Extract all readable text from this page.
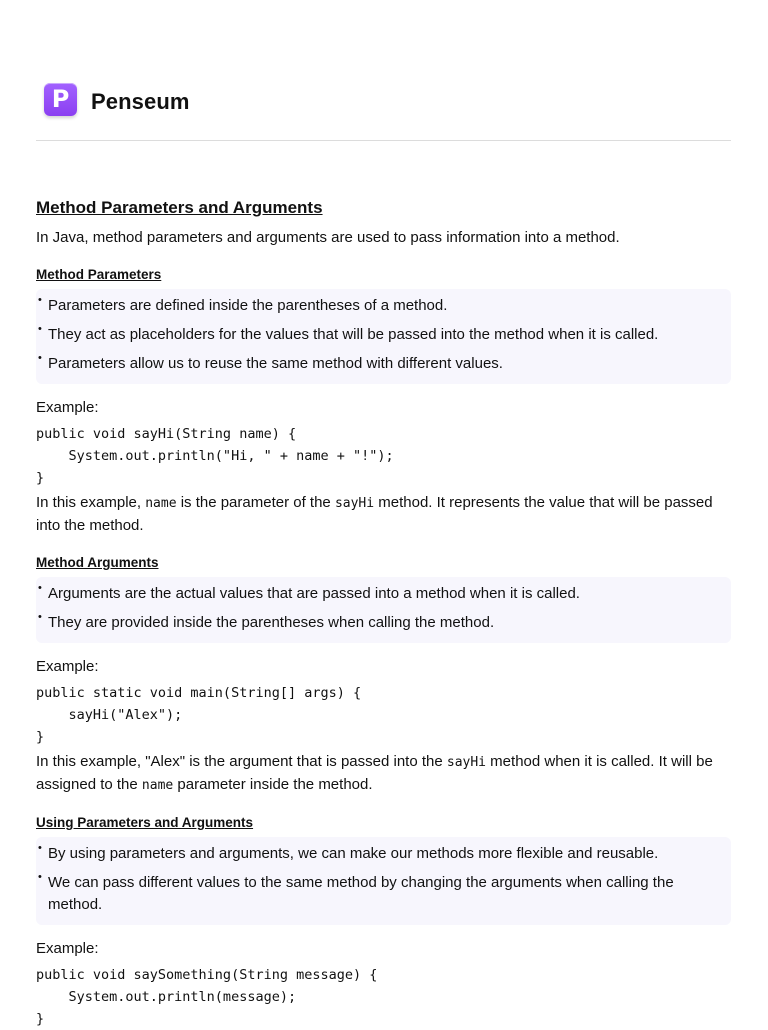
P Penseum
Method Parameters and Arguments

In Java, method parameters and arguments are used to pass information into a method.

Method Parameters
• Parameters are defined inside the parentheses of a method.
• They act as placeholders for the values that will be passed into the method when it is called.
• Parameters allow us to reuse the same method with different values.
Example:
public void sayHi(String name) {
System.out.println("Hi, " + name + "!");
}

In this example, name is the parameter of the sayHi method. It represents the value that will be passed into the method.

Method Arguments
• Arguments are the actual values that are passed into a method when it is called.
• They are provided inside the parentheses when calling the method.
Example:
public static void main(String[] args) {
sayHi("Alex");
}

In this example, "Alex" is the argument that is passed into the sayHi method when it is called. It will be assigned to the name parameter inside the method.

Using Parameters and Arguments
• By using parameters and arguments, we can make our methods more flexible and reusable.
• We can pass different values to the same method by changing the arguments when calling the method.
Example:
public void saySomething(String message) {
System.out.println(message);
}
